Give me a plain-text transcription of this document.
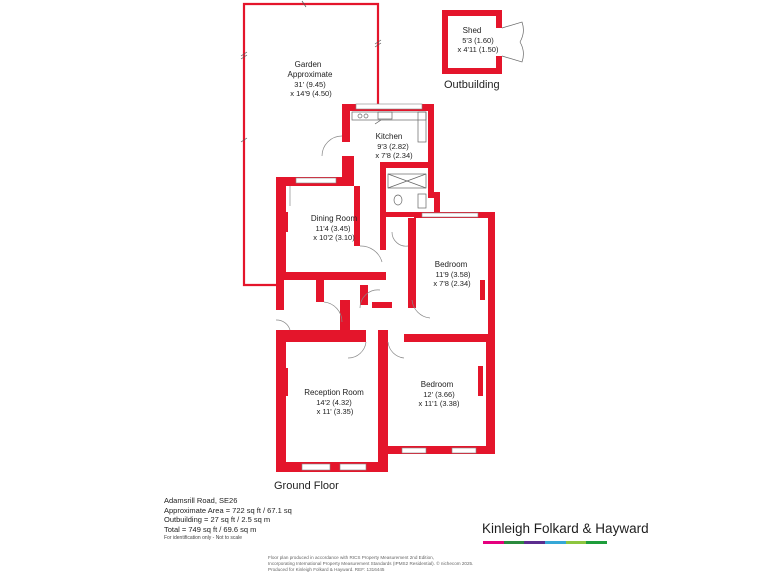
Shed
5'3 (1.60)
x 4'11 (1.50)
Garden
Approximate
31' (9.45)
x 14'9 (4.50)
Kitchen
9'3 (2.82)
x 7'8 (2.34)
Dining Room
11'4 (3.45)
x 10'2 (3.10)
Bedroom
11'9 (3.58)
x 7'8 (2.34)
Reception Room
14'2 (4.32)
x 11' (3.35)
Bedroom
12' (3.66)
x 11'1 (3.38)
Outbuilding
Ground Floor
Adamsrill Road, SE26
Approximate Area = 722 sq ft / 67.1 sq
Outbuilding = 27 sq ft / 2.5 sq m
Total = 749 sq ft / 69.6 sq m
For identification only - Not to scale
Kinleigh Folkard & Hayward
Floor plan produced in accordance with RICS Property Measurement 2nd Edition,
Incorporating International Property Measurement Standards (IPMS2 Residential). © nichecom 2025.
Produced for Kinleigh Folkard & Hayward. REF: 1316445
